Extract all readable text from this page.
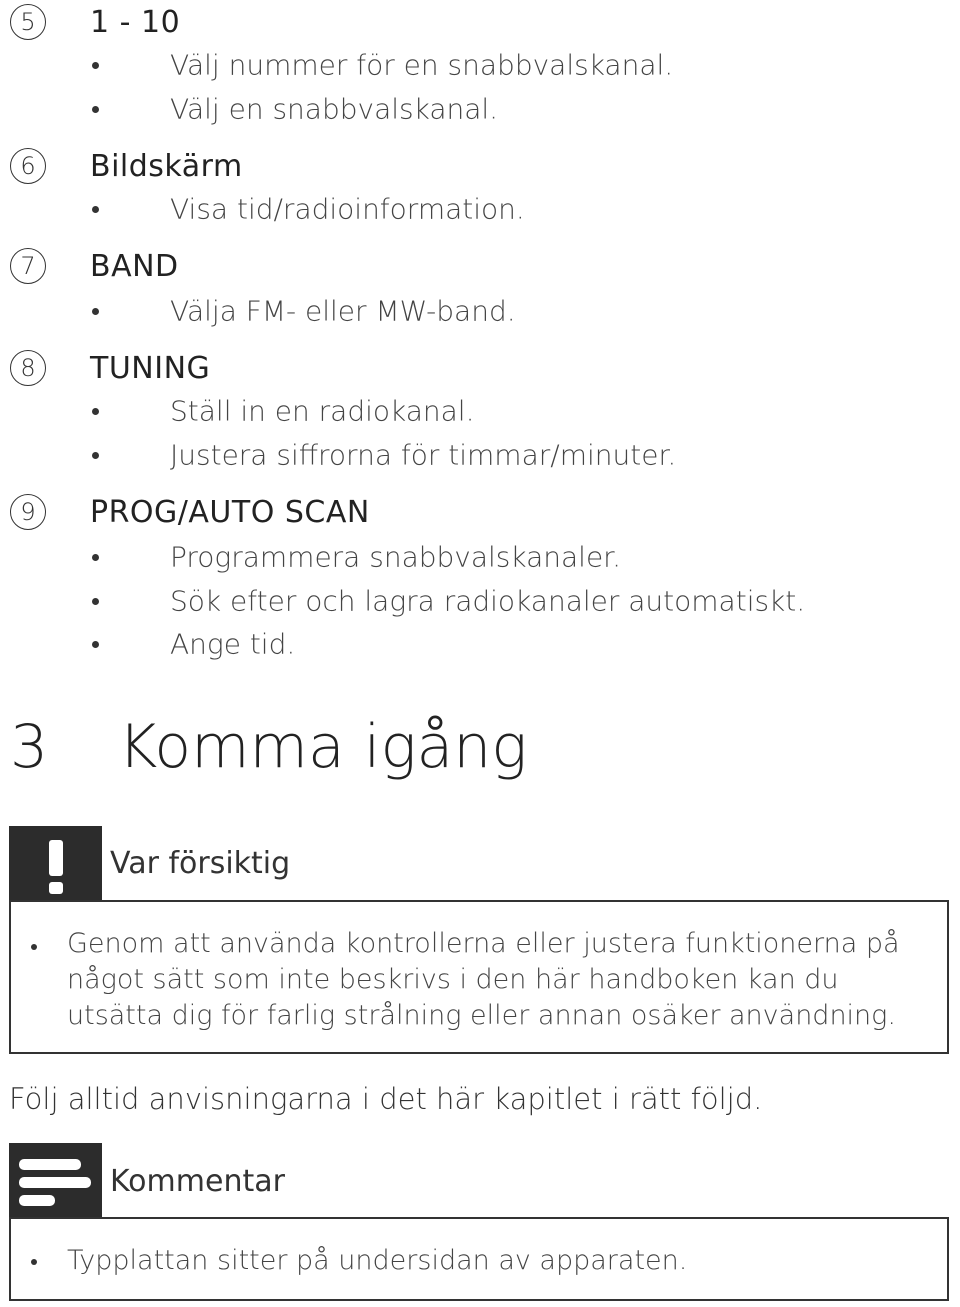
5	1 - 10
Välj nummer för en snabbvalskanal.
Välj en snabbvalskanal.
6	Bildskärm
Visa tid/radioinformation.
7	BAND
Välja FM- eller MW-band.
8	TUNING
Ställ in en radiokanal.
Justera siffrorna för timmar/minuter.
9	PROG/AUTO SCAN
Programmera snabbvalskanaler.
Sök efter och lagra radiokanaler automatiskt.
Ange tid.
3 Komma igång
Var försiktig
Genom att använda kontrollerna eller justera funktionerna på något sätt som inte beskrivs i den här handboken kan du utsätta dig för farlig strålning eller annan osäker användning.
Följ alltid anvisningarna i det här kapitlet i rätt följd.
Kommentar
Typplattan sitter på undersidan av apparaten.
